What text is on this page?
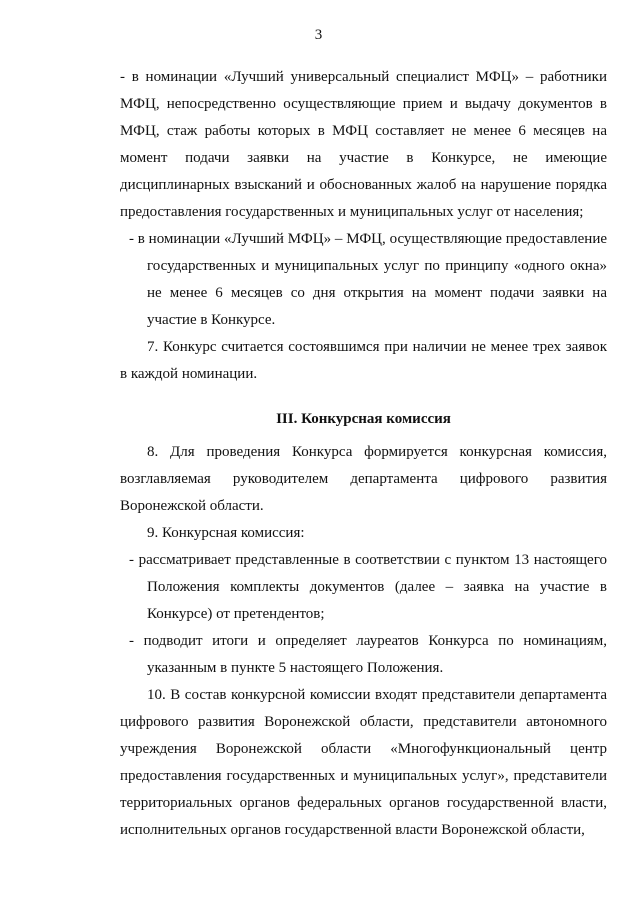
3

- в номинации «Лучший универсальный специалист МФЦ» – работники МФЦ, непосредственно осуществляющие прием и выдачу документов в МФЦ, стаж работы которых в МФЦ составляет не менее 6 месяцев на момент подачи заявки на участие в Конкурсе, не имеющие дисциплинарных взысканий и обоснованных жалоб на нарушение порядка предоставления государственных и муниципальных услуг от населения;

- в номинации «Лучший МФЦ» – МФЦ, осуществляющие предоставление государственных и муниципальных услуг по принципу «одного окна» не менее 6 месяцев со дня открытия на момент подачи заявки на участие в Конкурсе.

7. Конкурс считается состоявшимся при наличии не менее трех заявок в каждой номинации.

III. Конкурсная комиссия

8. Для проведения Конкурса формируется конкурсная комиссия, возглавляемая руководителем департамента цифрового развития Воронежской области.

9. Конкурсная комиссия:

- рассматривает представленные в соответствии с пунктом 13 настоящего Положения комплекты документов (далее – заявка на участие в Конкурсе) от претендентов;

- подводит итоги и определяет лауреатов Конкурса по номинациям, указанным в пункте 5 настоящего Положения.

10. В состав конкурсной комиссии входят представители департамента цифрового развития Воронежской области, представители автономного учреждения Воронежской области «Многофункциональный центр предоставления государственных и муниципальных услуг», представители территориальных органов федеральных органов государственной власти, исполнительных органов государственной власти Воронежской области,
